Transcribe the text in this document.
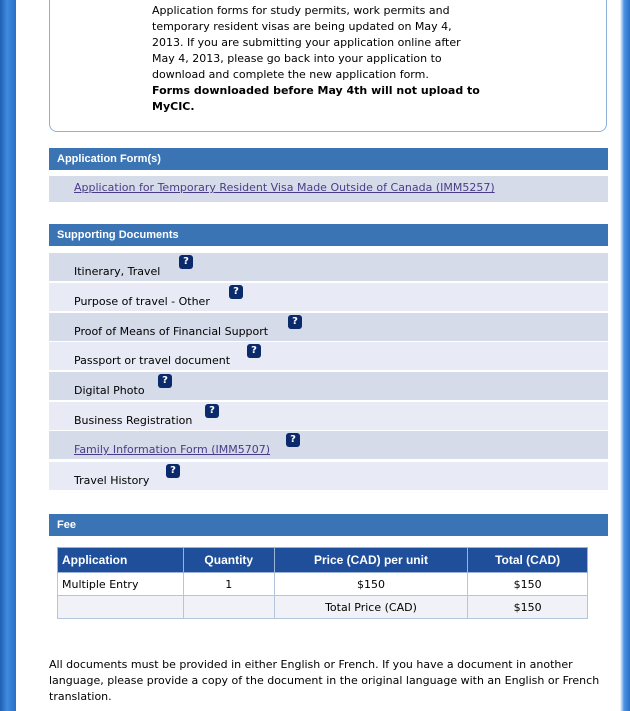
Application forms for study permits, work permits and
temporary resident visas are being updated on May 4,
2013. If you are submitting your application online after
May 4, 2013, please go back into your application to
download and complete the new application form.
Forms downloaded before May 4th will not upload to
MyCIC.
Application Form(s)
Application for Temporary Resident Visa Made Outside of Canada (IMM5257)
Supporting Documents
Itinerary, Travel
?
Purpose of travel - Other
?
Proof of Means of Financial Support
?
Passport or travel document
?
Digital Photo
?
Business Registration
?
Family Information Form (IMM5707)
?
Travel History
?
Fee
Application	Quantity	Price (CAD) per unit	Total (CAD)
Multiple Entry	1	$150	$150
		Total Price (CAD)	$150
All documents must be provided in either English or French. If you have a document in another language, please provide a copy of the document in the original language with an English or French translation.
